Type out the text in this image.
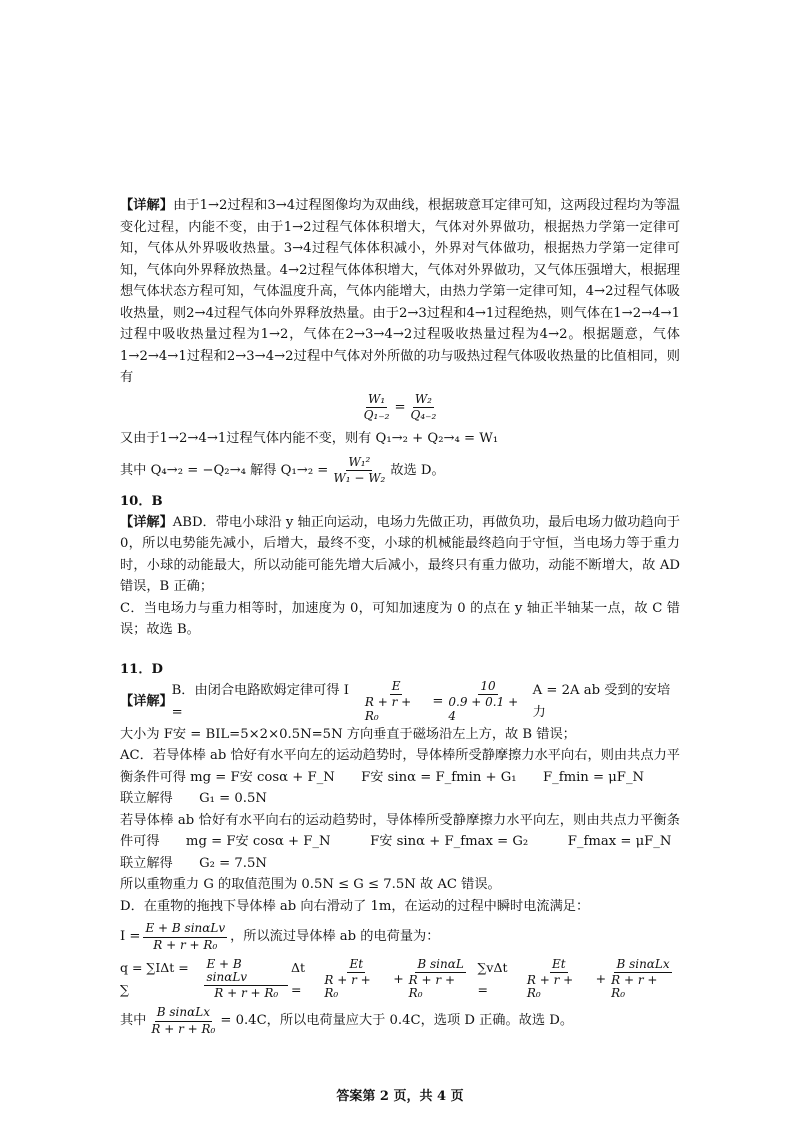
【详解】由于1→2过程和3→4过程图像均为双曲线，根据玻意耳定律可知，这两段过程均为等温变化过程，内能不变，由于1→2过程气体体积增大，气体对外界做功，根据热力学第一定律可知，气体从外界吸收热量。3→4过程气体体积减小，外界对气体做功，根据热力学第一定律可知，气体向外界释放热量。4→2过程气体体积增大，气体对外界做功，又气体压强增大，根据理想气体状态方程可知，气体温度升高，气体内能增大，由热力学第一定律可知，4→2过程气体吸收热量，则2→4过程气体向外界释放热量。由于2→3过程和4→1过程绝热，则气体在1→2→4→1过程中吸收热量过程为1→2，气体在2→3→4→2过程吸收热量过程为4→2。根据题意，气体1→2→4→1过程和2→3→4→2过程中气体对外所做的功与吸热过程气体吸收热量的比值相同，则有

$\frac{\text{W₁}}{\text{Q₁₋₂}} = \frac{\text{W₂}}{\text{Q₄₋₂}}$

又由于1→2→4→1过程气体内能不变，则有 Q₁→₂ + Q₂→₄ = W₁

其中 Q₄→₂ = −Q₂→₄ 解得 $Q_1\to_2 = \frac{\text{W₁²}}{\text{W₁ − W₂}}$ 故选 D。

10．B

【详解】ABD．带电小球沿 y 轴正向运动，电场力先做正功，再做负功，最后电场力做功趋向于 0，所以电势能先减小，后增大，最终不变，小球的机械能最终趋向于守恒，当电场力等于重力时，小球的动能最大，所以动能可能先增大后减小，最终只有重力做功，动能不断增大，故 AD 错误，B 正确；

C．当电场力与重力相等时，加速度为 0，可知加速度为 0 的点在 y 轴正半轴某一点，故 C 错误；故选 B。

11．D

【详解】
B．由闭合电路欧姆定律可得 I =	$\frac{E}{\text{R + r + R₀}} = \frac{10}{0.9 + 0.1 + 4}$ A = 2A ab 受到的安培力

大小为 F安 = BIL=5×2×0.5N=5N 方向垂直于磁场沿左上方，故 B 错误；

AC．若导体棒 ab 恰好有水平向左的运动趋势时，导体棒所受静摩擦力水平向右，则由共点力平衡条件可得 mg = F安 cosα + F_N　　F安 sinα = F_fmin + G₁　　F_fmin = μF_N

联立解得　　G₁ = 0.5N

若导体棒 ab 恰好有水平向右的运动趋势时，导体棒所受静摩擦力水平向左，则由共点力平衡条件可得　　mg = F安 cosα + F_N　　　F安 sinα + F_fmax = G₂　　　F_fmax = μF_N

联立解得　　G₂ = 7.5N

所以重物重力 G 的取值范围为 0.5N ≤ G ≤ 7.5N 故 AC 错误。

D．在重物的拖拽下导体棒 ab 向右滑动了 1m，在运动的过程中瞬时电流满足：

$I = \frac{\text{E + B sinαLv}}{\text{R + r + R₀}}$ ，所以流过导体棒 ab 的电荷量为：

q = ∑IΔt = ∑	$\frac{\text{E + B sinαLv}}{\text{R + r + R₀}}$ Δt =	$\frac{Et}{\text{R + r + R₀}} + \frac{\text{B sinαL}}{\text{R + r + R₀}} \sum v\Delta t$ =	$\frac{Et}{\text{R + r + R₀}} + \frac{\text{B sinαLx}}{\text{R + r + R₀}}$

其中 $\frac{\text{B sinαLx}}{\text{R + r + R₀}} = 0.4C$，所以电荷量应大于 0.4C，选项 D 正确。故选 D。

答案第 2 页，共 4 页
